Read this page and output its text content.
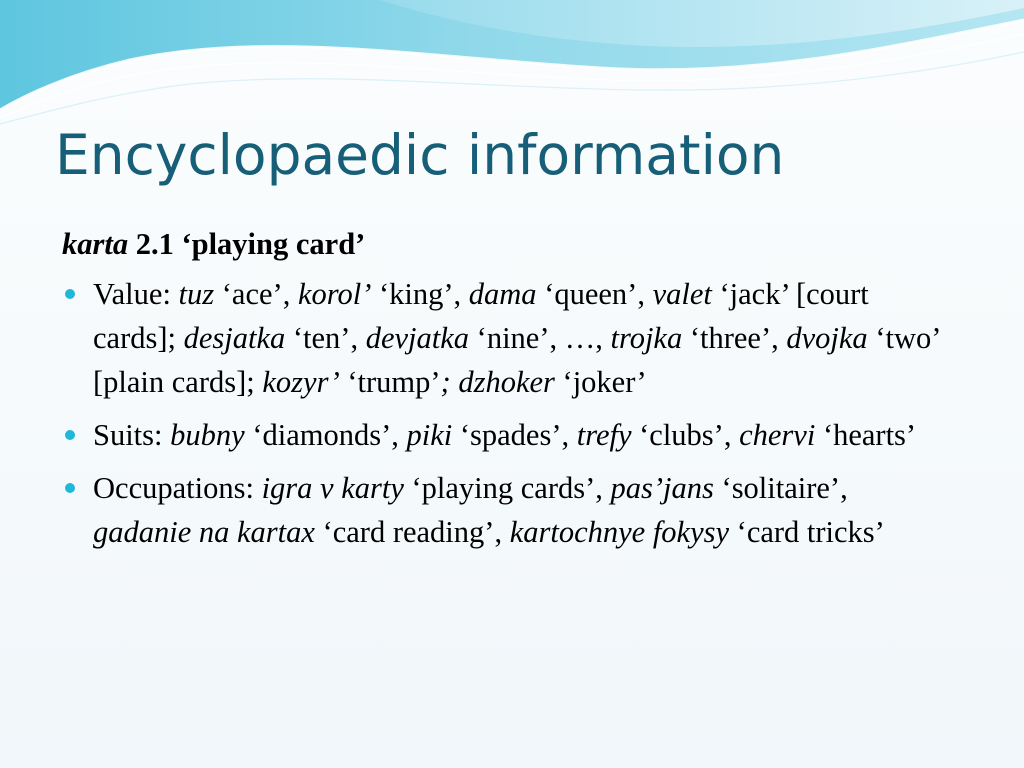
Encyclopaedic information

karta 2.1 ‘playing card’

Value: tuz ‘ace’, korol’ ‘king’, dama ‘queen’, valet ‘jack’ [court cards]; desjatka ‘ten’, devjatka ‘nine’, …, trojka ‘three’, dvojka ‘two’ [plain cards]; kozyr’ ‘trump’; dzhoker ‘joker’
Suits: bubny ‘diamonds’, piki ‘spades’, trefy ‘clubs’, chervi ‘hearts’
Occupations: igra v karty ‘playing cards’, pas’jans ‘solitaire’, gadanie na kartax ‘card reading’, kartochnye fokysy ‘card tricks’
